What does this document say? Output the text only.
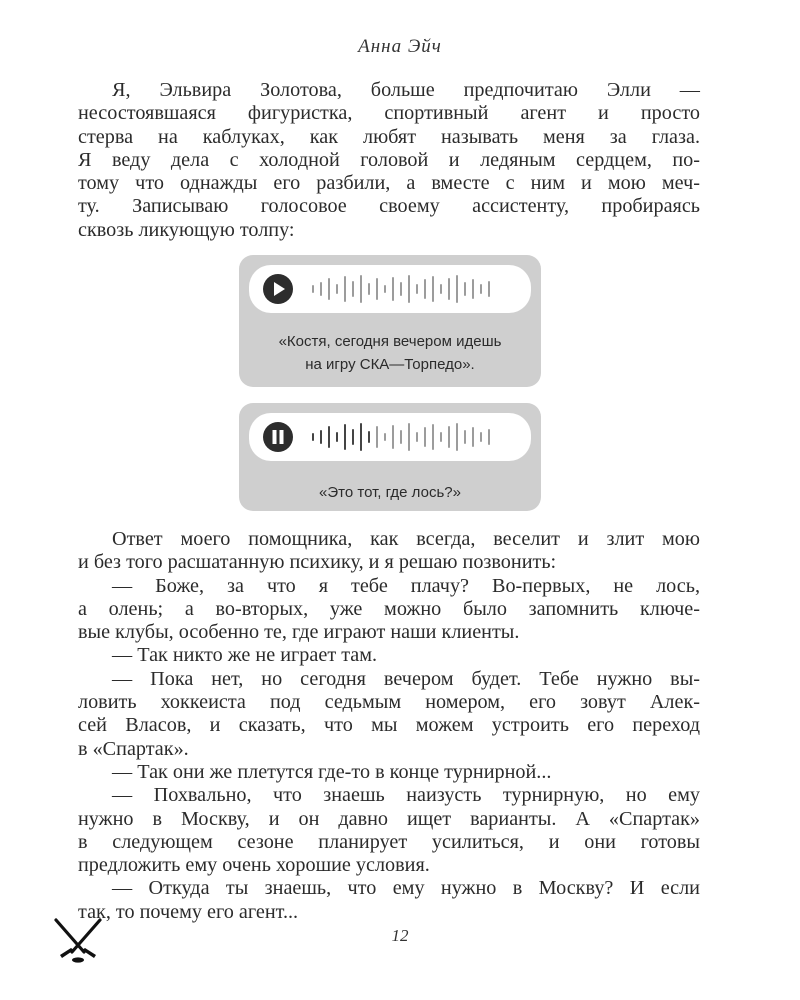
Анна Эйч
Я, Эльвира Золотова, больше предпочитаю Элли —
несостоявшаяся фигуристка, спортивный агент и просто
стерва на каблуках, как любят называть меня за глаза.
Я веду дела с холодной головой и ледяным сердцем, по-
тому что однажды его разбили, а вместе с ним и мою меч-
ту. Записываю голосовое своему ассистенту, пробираясь
сквозь ликующую толпу:
«Костя, сегодня вечером идешь
на игру СКА—Торпедо».
«Это тот, где лось?»
Ответ моего помощника, как всегда, веселит и злит мою
и без того расшатанную психику, и я решаю позвонить:
— Боже, за что я тебе плачу? Во-первых, не лось,
а олень; а во-вторых, уже можно было запомнить ключе-
вые клубы, особенно те, где играют наши клиенты.
— Так никто же не играет там.
— Пока нет, но сегодня вечером будет. Тебе нужно вы-
ловить хоккеиста под седьмым номером, его зовут Алек-
сей Власов, и сказать, что мы можем устроить его переход
в «Спартак».
— Так они же плетутся где-то в конце турнирной...
— Похвально, что знаешь наизусть турнирную, но ему
нужно в Москву, и он давно ищет варианты. А «Спартак»
в следующем сезоне планирует усилиться, и они готовы
предложить ему очень хорошие условия.
— Откуда ты знаешь, что ему нужно в Москву? И если
так, то почему его агент...
12
